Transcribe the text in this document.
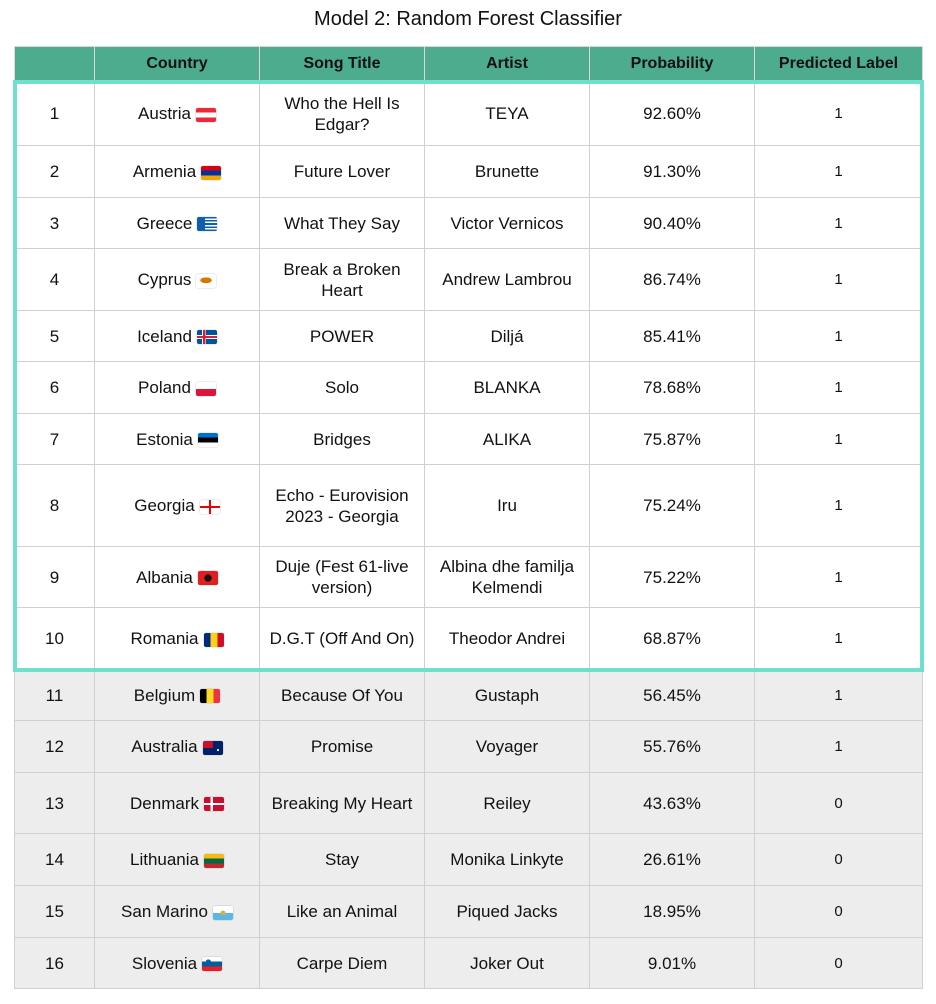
Model 2: Random Forest Classifier
	Country	Song Title	Artist	Probability	Predicted Label
1	Austria	Who the Hell Is Edgar?	TEYA	92.60%	1
2	Armenia	Future Lover	Brunette	91.30%	1
3	Greece	What They Say	Victor Vernicos	90.40%	1
4	Cyprus	Break a Broken Heart	Andrew Lambrou	86.74%	1
5	Iceland	POWER	Diljá	85.41%	1
6	Poland	Solo	BLANKA	78.68%	1
7	Estonia	Bridges	ALIKA	75.87%	1
8	Georgia	Echo - Eurovision 2023 - Georgia	Iru	75.24%	1
9	Albania	Duje (Fest 61-live version)	Albina dhe familja Kelmendi	75.22%	1
10	Romania	D.G.T (Off And On)	Theodor Andrei	68.87%	1
11	Belgium	Because Of You	Gustaph	56.45%	1
12	Australia	Promise	Voyager	55.76%	1
13	Denmark	Breaking My Heart	Reiley	43.63%	0
14	Lithuania	Stay	Monika Linkyte	26.61%	0
15	San Marino	Like an Animal	Piqued Jacks	18.95%	0
16	Slovenia	Carpe Diem	Joker Out	9.01%	0
